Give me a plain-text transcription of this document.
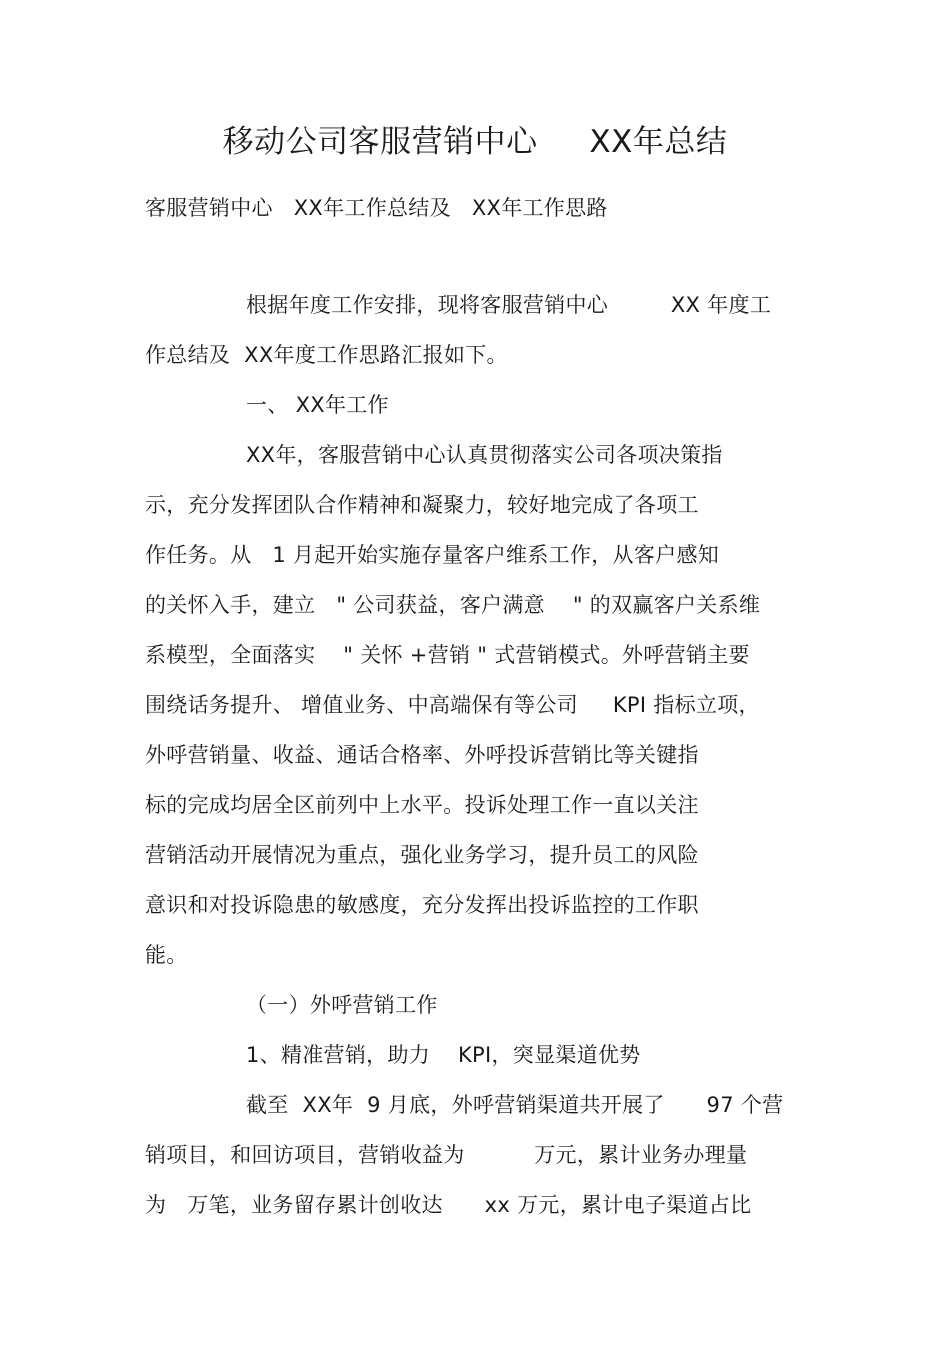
移动公司客服营销中心     XX年总结
客服营销中心   XX年工作总结及   XX年工作思路
根据年度工作安排，现将客服营销中心         XX 年度工
作总结及  XX年度工作思路汇报如下。
一、 XX年工作
XX年，客服营销中心认真贯彻落实公司各项决策指
示，充分发挥团队合作精神和凝聚力，较好地完成了各项工
作任务。从   1 月起开始实施存量客户维系工作，从客户感知
的关怀入手，建立   " 公司获益，客户满意    " 的双赢客户关系维
系模型，全面落实    " 关怀 +营销 " 式营销模式。外呼营销主要
围绕话务提升、 增值业务、中高端保有等公司     KPI 指标立项，
外呼营销量、收益、通话合格率、外呼投诉营销比等关键指
标的完成均居全区前列中上水平。投诉处理工作一直以关注
营销活动开展情况为重点，强化业务学习，提升员工的风险
意识和对投诉隐患的敏感度，充分发挥出投诉监控的工作职
能。
（一）外呼营销工作
1、精准营销，助力    KPI，突显渠道优势
截至  XX年  9 月底，外呼营销渠道共开展了      97 个营
销项目，和回访项目，营销收益为          万元，累计业务办理量
为   万笔，业务留存累计创收达      xx 万元，累计电子渠道占比
